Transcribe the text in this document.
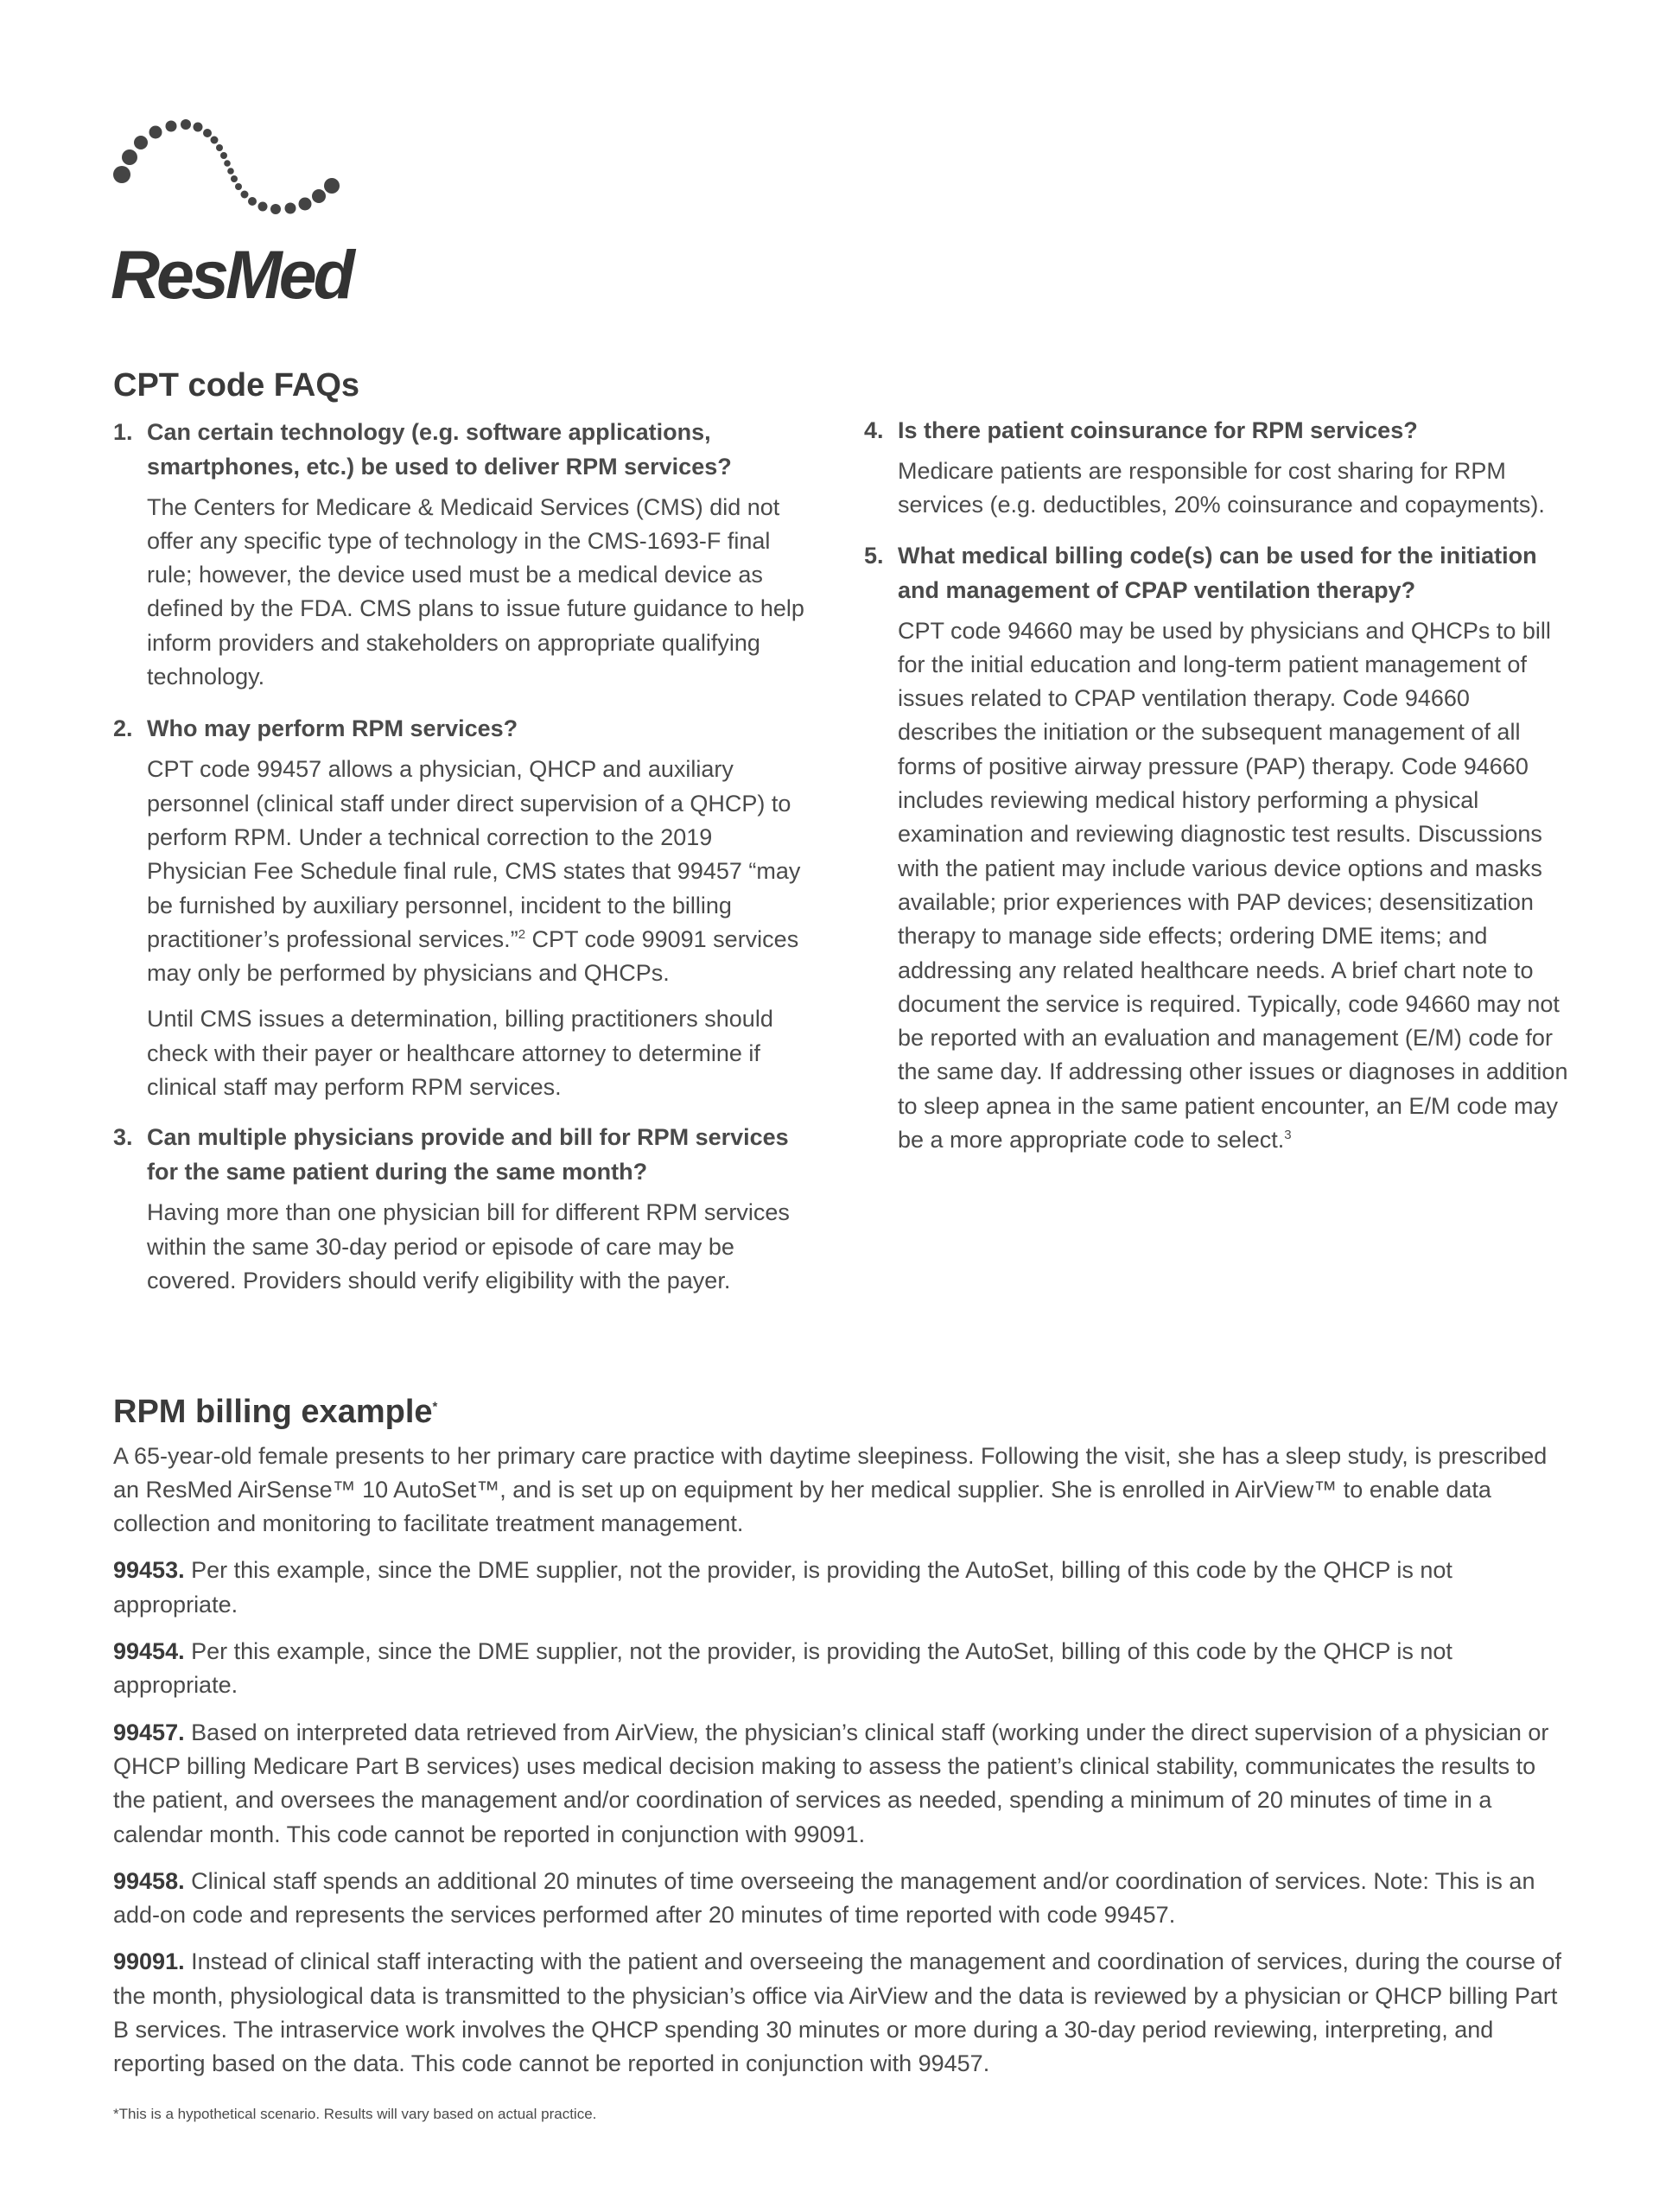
ResMed
CPT code FAQs
1. Can certain technology (e.g. software applications, smartphones, etc.) be used to deliver RPM services?

The Centers for Medicare & Medicaid Services (CMS) did not offer any specific type of technology in the CMS-1693-F final rule; however, the device used must be a medical device as defined by the FDA. CMS plans to issue future guidance to help inform providers and stakeholders on appropriate qualifying technology.

2. Who may perform RPM services?

CPT code 99457 allows a physician, QHCP and auxiliary personnel (clinical staff under direct supervision of a QHCP) to perform RPM. Under a technical correction to the 2019 Physician Fee Schedule final rule, CMS states that 99457 “may be furnished by auxiliary personnel, incident to the billing practitioner’s professional services.”$^2$ CPT code 99091 services may only be performed by physicians and QHCPs.

Until CMS issues a determination, billing practitioners should check with their payer or healthcare attorney to determine if clinical staff may perform RPM services.

3. Can multiple physicians provide and bill for RPM services for the same patient during the same month?

Having more than one physician bill for different RPM services within the same 30-day period or episode of care may be covered. Providers should verify eligibility with the payer.

4. Is there patient coinsurance for RPM services?

Medicare patients are responsible for cost sharing for RPM services (e.g. deductibles, 20% coinsurance and copayments).

5. What medical billing code(s) can be used for the initiation and management of CPAP ventilation therapy?

CPT code 94660 may be used by physicians and QHCPs to bill for the initial education and long-term patient management of issues related to CPAP ventilation therapy. Code 94660 describes the initiation or the subsequent management of all forms of positive airway pressure (PAP) therapy. Code 94660 includes reviewing medical history performing a physical examination and reviewing diagnostic test results. Discussions with the patient may include various device options and masks available; prior experiences with PAP devices; desensitization therapy to manage side effects; ordering DME items; and addressing any related healthcare needs. A brief chart note to document the service is required. Typically, code 94660 may not be reported with an evaluation and management (E/M) code for the same day. If addressing other issues or diagnoses in addition to sleep apnea in the same patient encounter, an E/M code may be a more appropriate code to select.$^3$

RPM billing example*

A 65-year-old female presents to her primary care practice with daytime sleepiness. Following the visit, she has a sleep study, is prescribed an ResMed AirSense™ 10 AutoSet™, and is set up on equipment by her medical supplier. She is enrolled in AirView™ to enable data collection and monitoring to facilitate treatment management.

99453. Per this example, since the DME supplier, not the provider, is providing the AutoSet, billing of this code by the QHCP is not appropriate.

99454. Per this example, since the DME supplier, not the provider, is providing the AutoSet, billing of this code by the QHCP is not appropriate.

99457. Based on interpreted data retrieved from AirView, the physician’s clinical staff (working under the direct supervision of a physician or QHCP billing Medicare Part B services) uses medical decision making to assess the patient’s clinical stability, communicates the results to the patient, and oversees the management and/or coordination of services as needed, spending a minimum of 20 minutes of time in a calendar month. This code cannot be reported in conjunction with 99091.

99458. Clinical staff spends an additional 20 minutes of time overseeing the management and/or coordination of services. Note: This is an add-on code and represents the services performed after 20 minutes of time reported with code 99457.

99091. Instead of clinical staff interacting with the patient and overseeing the management and coordination of services, during the course of the month, physiological data is transmitted to the physician’s office via AirView and the data is reviewed by a physician or QHCP billing Part B services. The intraservice work involves the QHCP spending 30 minutes or more during a 30-day period reviewing, interpreting, and reporting based on the data. This code cannot be reported in conjunction with 99457.

*This is a hypothetical scenario. Results will vary based on actual practice.
